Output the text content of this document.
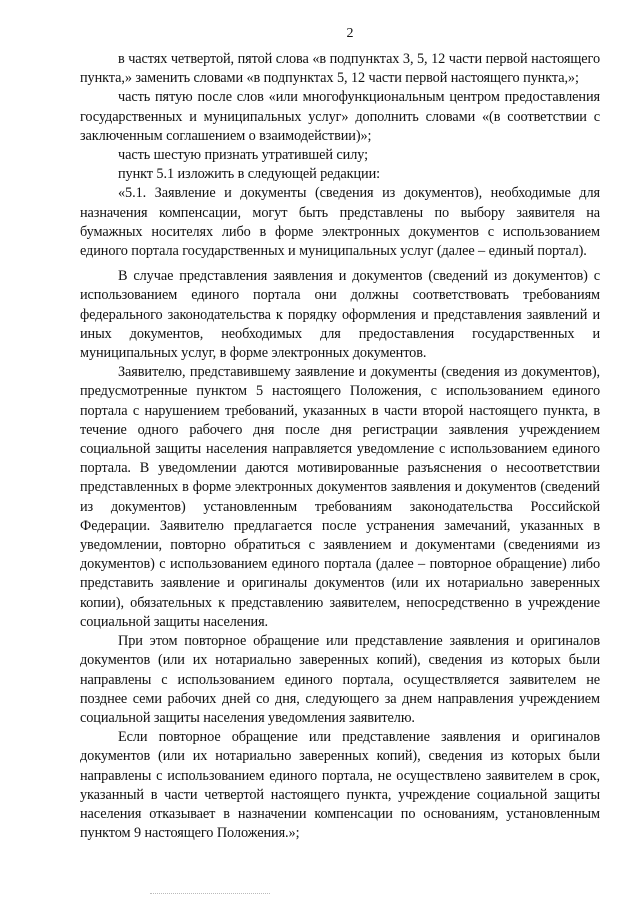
2

в частях четвертой, пятой слова «в подпунктах 3, 5, 12 части первой настоящего пункта,» заменить словами «в подпунктах 5, 12 части первой настоящего пункта,»;

часть пятую после слов «или многофункциональным центром предоставления государственных и муниципальных услуг» дополнить словами «(в соответствии с заключенным соглашением о взаимодействии)»;

часть шестую признать утратившей силу;

пункт 5.1 изложить в следующей редакции:

«5.1. Заявление и документы (сведения из документов), необходимые для назначения компенсации, могут быть представлены по выбору заявителя на бумажных носителях либо в форме электронных документов с использованием единого портала государственных и муниципальных услуг (далее – единый портал).

В случае представления заявления и документов (сведений из документов) с использованием единого портала они должны соответствовать требованиям федерального законодательства к порядку оформления и представления заявлений и иных документов, необходимых для предоставления государственных и муниципальных услуг, в форме электронных документов.

Заявителю, представившему заявление и документы (сведения из документов), предусмотренные пунктом 5 настоящего Положения, с использованием единого портала с нарушением требований, указанных в части второй настоящего пункта, в течение одного рабочего дня после дня регистрации заявления учреждением социальной защиты населения направляется уведомление с использованием единого портала. В уведомлении даются мотивированные разъяснения о несоответствии представленных в форме электронных документов заявления и документов (сведений из документов) установленным требованиям законодательства Российской Федерации. Заявителю предлагается после устранения замечаний, указанных в уведомлении, повторно обратиться с заявлением и документами (сведениями из документов) с использованием единого портала (далее – повторное обращение) либо представить заявление и оригиналы документов (или их нотариально заверенных копии), обязательных к представлению заявителем, непосредственно в учреждение социальной защиты населения.

При этом повторное обращение или представление заявления и оригиналов документов (или их нотариально заверенных копий), сведения из которых были направлены с использованием единого портала, осуществляется заявителем не позднее семи рабочих дней со дня, следующего за днем направления учреждением социальной защиты населения уведомления заявителю.

Если повторное обращение или представление заявления и оригиналов документов (или их нотариально заверенных копий), сведения из которых были направлены с использованием единого портала, не осуществлено заявителем в срок, указанный в части четвертой настоящего пункта, учреждение социальной защиты населения отказывает в назначении компенсации по основаниям, установленным пунктом 9 настоящего Положения.»;
